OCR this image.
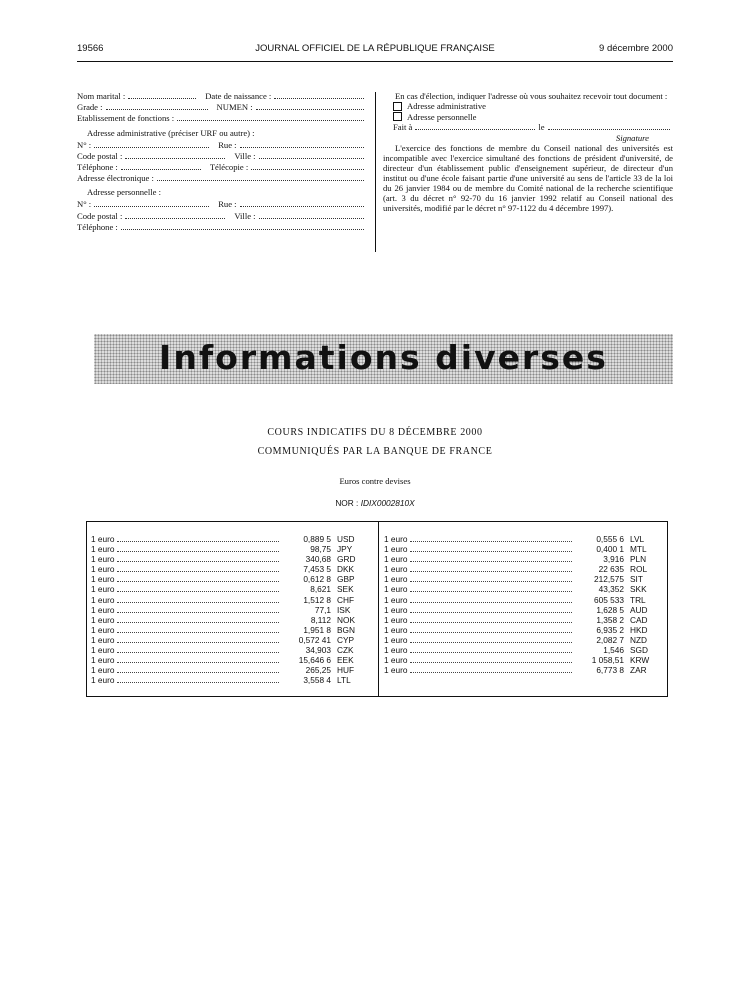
19566	JOURNAL OFFICIEL DE LA RÉPUBLIQUE FRANÇAISE	9 décembre 2000
Nom marital :	Date de naissance :
Grade :	NUMEN :
Etablissement de fonctions :
Adresse administrative (préciser URF ou autre) :
N° :	Rue :
Code postal :	Ville :
Téléphone :	Télécopie :
Adresse électronique :
Adresse personnelle :
N° :	Rue :
Code postal :	Ville :
Téléphone :

En cas d'élection, indiquer l'adresse où vous souhaitez recevoir tout document :

Adresse administrative
Adresse personnelle
Fait à	le
Signature

L'exercice des fonctions de membre du Conseil national des universités est incompatible avec l'exercice simultané des fonctions de président d'université, de directeur d'un établissement public d'enseignement supérieur, de directeur d'un institut ou d'une école faisant partie d'une université au sens de l'article 33 de la loi du 26 janvier 1984 ou de membre du Comité national de la recherche scientifique (art. 3 du décret n° 92-70 du 16 janvier 1992 relatif au Conseil national des universités, modifié par le décret n° 97-1122 du 4 décembre 1997).

Informations diverses
COURS INDICATIFS DU 8 DÉCEMBRE 2000
COMMUNIQUÉS PAR LA BANQUE DE FRANCE
Euros contre devises
NOR : IDIX0002810X
1 euro	0,889 5 USD
1 euro	98,75 JPY
1 euro	340,68 GRD
1 euro	7,453 5 DKK
1 euro	0,612 8 GBP
1 euro	8,621 SEK
1 euro	1,512 8 CHF
1 euro	77,1 ISK
1 euro	8,112 NOK
1 euro	1,951 8 BGN
1 euro	0,572 41 CYP
1 euro	34,903 CZK
1 euro	15,646 6 EEK
1 euro	265,25 HUF
1 euro	3,558 4 LTL
1 euro	0,555 6 LVL
1 euro	0,400 1 MTL
1 euro	3,916 PLN
1 euro	22 635 ROL
1 euro	212,575 SIT
1 euro	43,352 SKK
1 euro	605 533 TRL
1 euro	1,628 5 AUD
1 euro	1,358 2 CAD
1 euro	6,935 2 HKD
1 euro	2,082 7 NZD
1 euro	1,546 SGD
1 euro	1 058,51 KRW
1 euro	6,773 8 ZAR
